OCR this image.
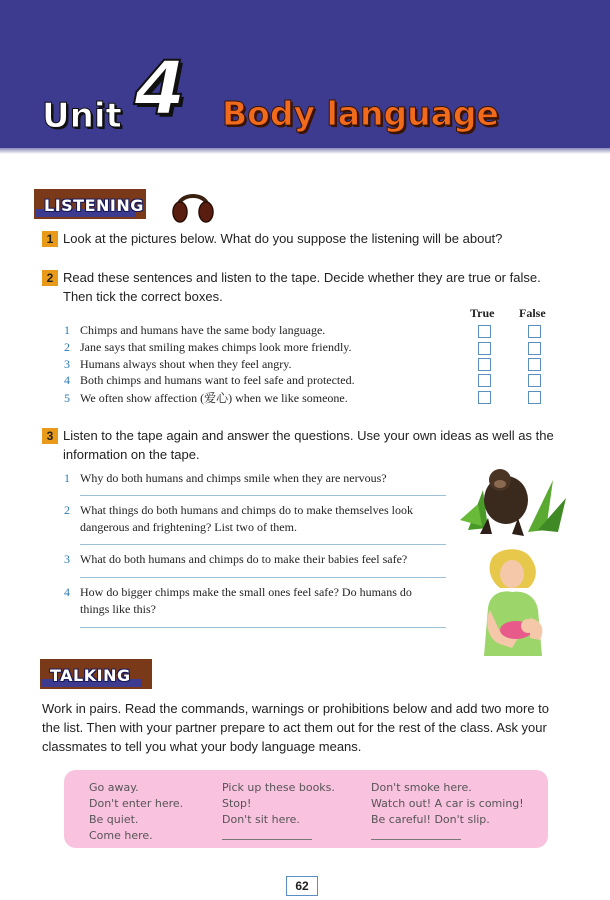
Unit 4 Body language
LISTENING
1 Look at the pictures below. What do you suppose the listening will be about?
2 Read these sentences and listen to the tape. Decide whether they are true or false.
Then tick the correct boxes.
True False
1 Chimps and humans have the same body language.
2 Jane says that smiling makes chimps look more friendly.
3 Humans always shout when they feel angry.
4 Both chimps and humans want to feel safe and protected.
5 We often show affection (爱心) when we like someone.
3 Listen to the tape again and answer the questions. Use your own ideas as well as the
information on the tape.
1 Why do both humans and chimps smile when they are nervous?
2 What things do both humans and chimps do to make themselves look
dangerous and frightening? List two of them.
3 What do both humans and chimps do to make their babies feel safe?
4 How do bigger chimps make the small ones feel safe? Do humans do
things like this?
TALKING
Work in pairs. Read the commands, warnings or prohibitions below and add two more to
the list. Then with your partner prepare to act them out for the rest of the class. Ask your
classmates to tell you what your body language means.
Go away.
Don't enter here.
Be quiet.
Come here.
Pick up these books.
Stop!
Don't sit here.
Don't smoke here.
Watch out! A car is coming!
Be careful! Don't slip.
62
